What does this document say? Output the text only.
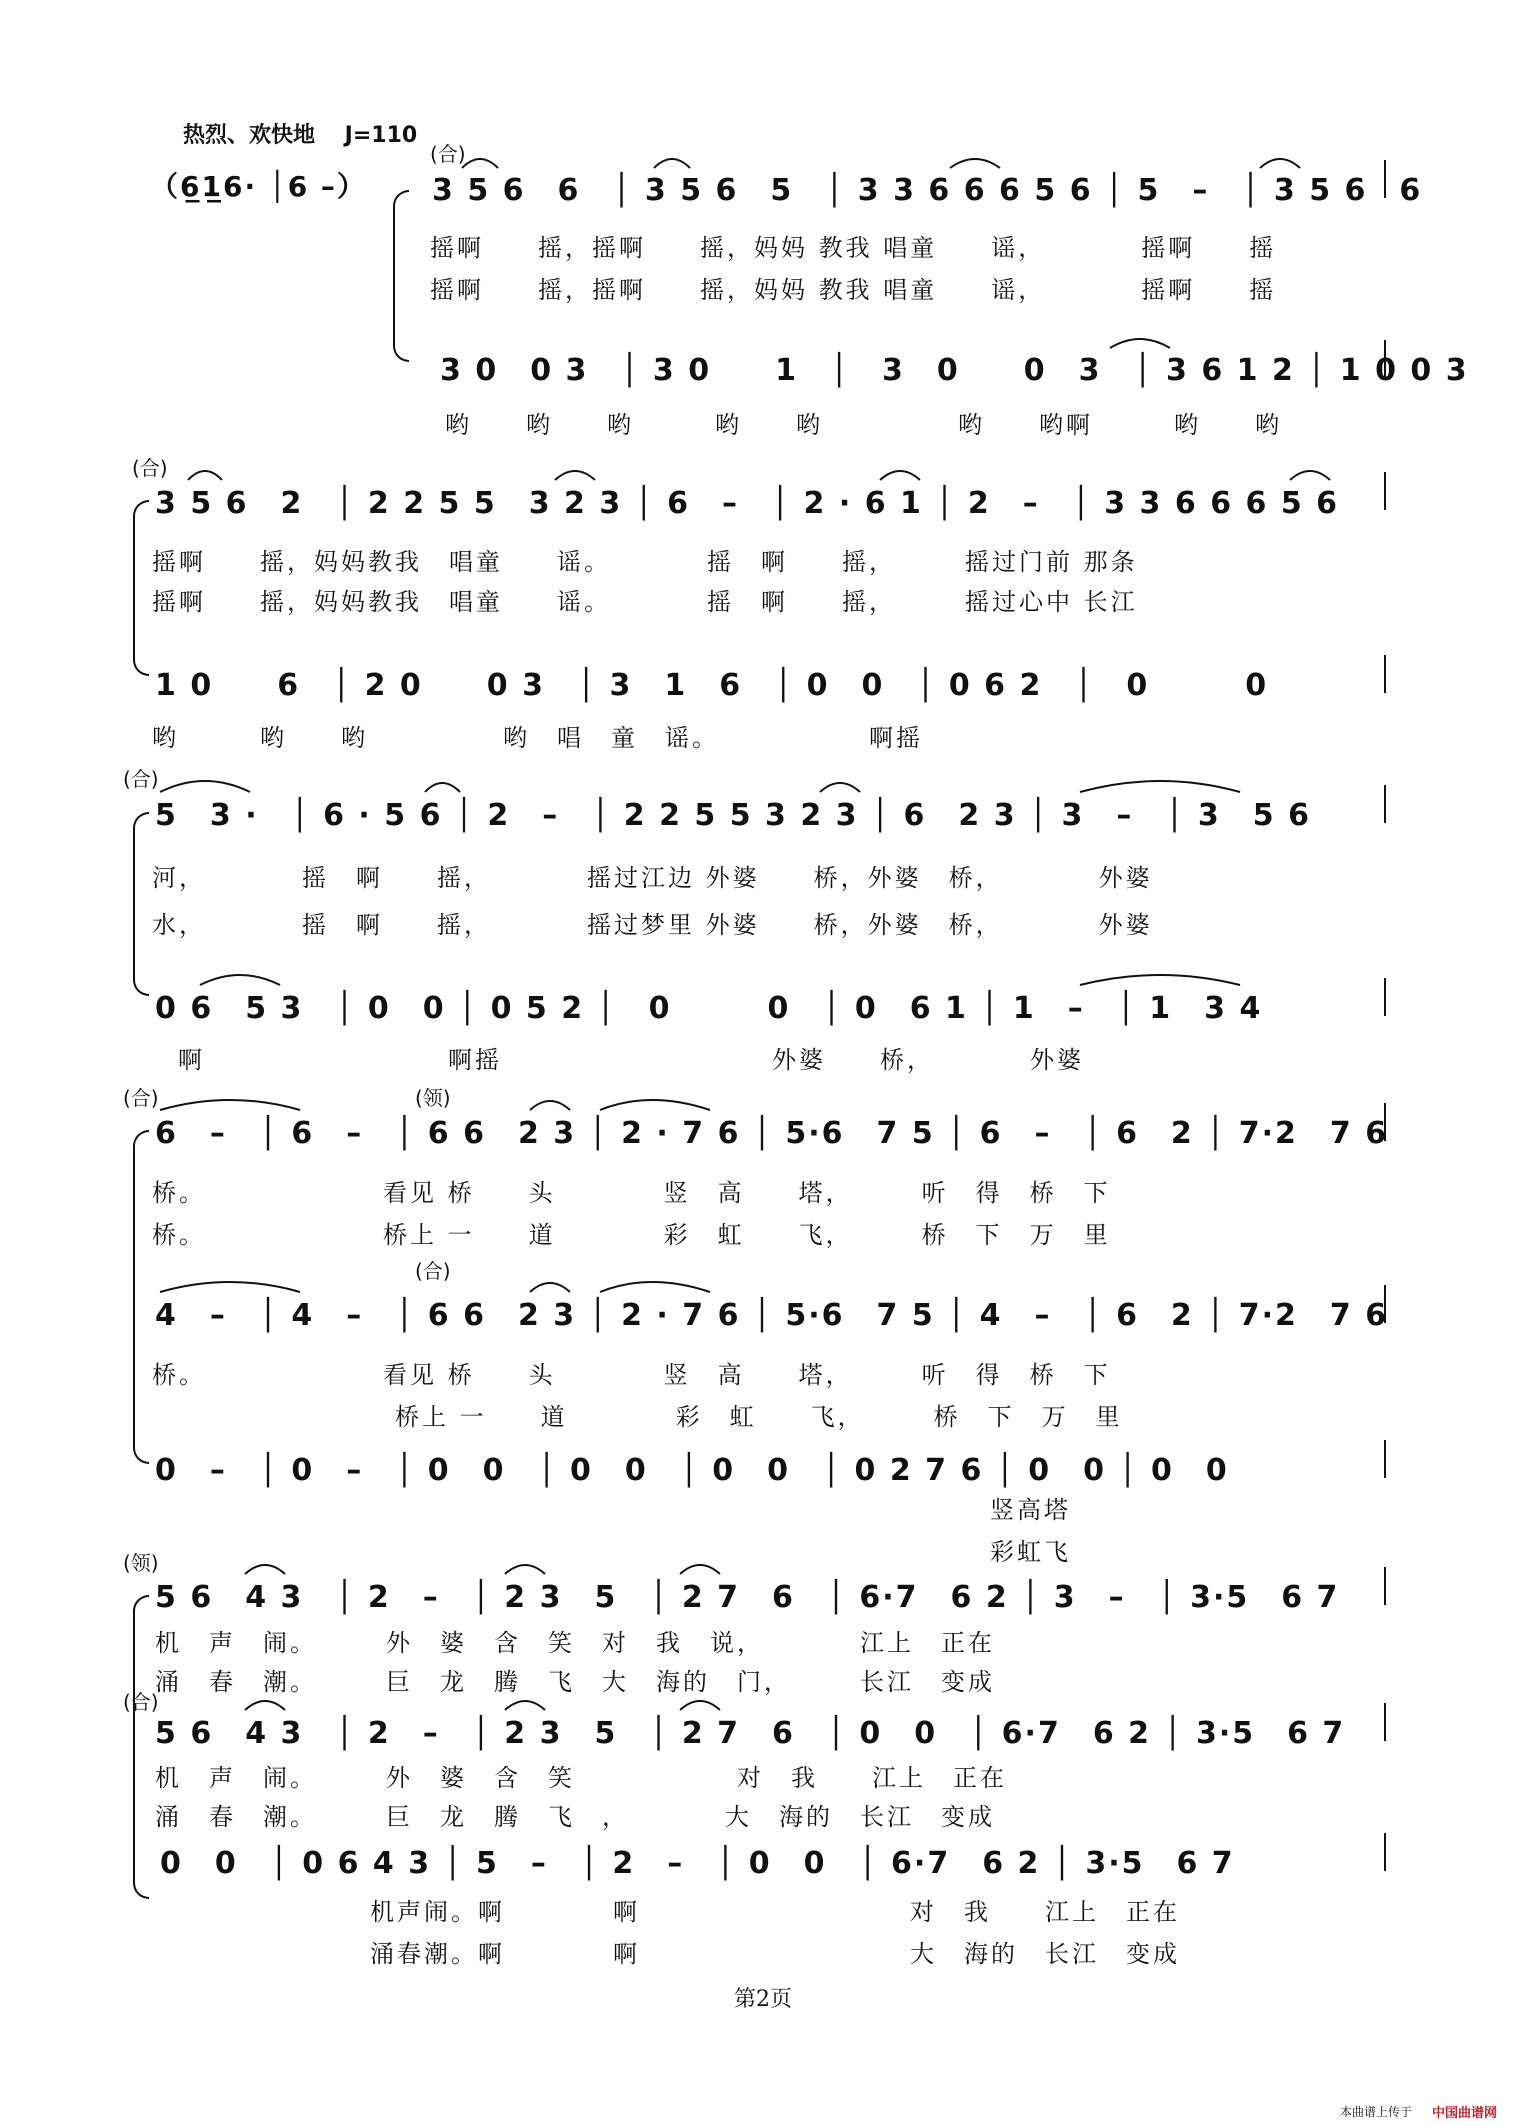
热烈、欢快地　 J=110
（6̲1̲6· │6 –）
(合)
3 5 6　6　│ 3 5 6　5　│ 3 3 6 6 6 5 6 │ 5　–　│ 3 5 6　6
摇啊　　摇，摇啊　　摇，妈妈 教我 唱童　　谣，　　　　摇啊　　摇
摇啊　　摇，摇啊　　摇，妈妈 教我 唱童　　谣，　　　　摇啊　　摇
3 0　0 3　│ 3 0　　1　│　3　0　　0　3　│ 3 6 1 2 │ 1 0 0 3
哟　　哟　　哟　　　哟　　哟　　　　　哟　　哟啊　　　哟　　哟
(合)
3 5 6　2　│ 2 2 5 5　3 2 3 │ 6　–　│ 2 · 6 1 │ 2　–　│ 3 3 6 6 6 5 6
摇啊　　摇，妈妈教我　唱童　　谣。　　　　摇　啊　　摇，　　　摇过门前 那条
摇啊　　摇，妈妈教我　唱童　　谣。　　　　摇　啊　　摇，　　　摇过心中 长江
1 0　　6　│ 2 0　　0 3　│ 3　1　6　│ 0　0　│ 0 6 2　│　0　　　0
哟　　　哟　　哟　　　　　哟　唱　童　谣。　　　　　　啊摇
(合)
5　3 ·　│ 6 · 5 6 │ 2　–　│ 2 2 5 5 3 2 3 │ 6　2 3 │ 3　–　│ 3　5 6
河，　　　　摇　啊　　摇，　　　　摇过江边 外婆　　桥，外婆　桥，　　　　外婆
水，　　　　摇　啊　　摇，　　　　摇过梦里 外婆　　桥，外婆　桥，　　　　外婆
0 6　5 3　│ 0　0 │ 0 5 2 │　0　　　0　│ 0　6 1 │ 1　–　│ 1　3 4
啊　　　　　　　　　啊摇　　　　　　　　　　外婆　　桥，　　　　外婆
(合)	(领)
(合)
6　–　│ 6　–　│ 6 6　2 3 │ 2 · 7 6 │ 5·6　7 5 │ 6　–　│ 6　2 │ 7·2　7 6
桥。　　　　　　　看见 桥　　头　　　　竖　高　　塔，　　　听　得　桥　下
桥。　　　　　　　桥上 一　　道　　　　彩　虹　　飞，　　　桥　下　万　里
4　–　│ 4　–　│ 6 6　2 3 │ 2 · 7 6 │ 5·6　7 5 │ 4　–　│ 6　2 │ 7·2　7 6
桥。　　　　　　　看见 桥　　头　　　　竖　高　　塔，　　　听　得　桥　下
　　　　　　　　　桥上 一　　道　　　　彩　虹　　飞，　　　桥　下　万　里
0　–　│ 0　–　│ 0　0　│ 0　0　│ 0　0　│ 0 2 7 6 │ 0　0 │ 0　0
竖高塔
彩虹飞
(领)
(合)
5 6　4 3　│ 2　–　│ 2 3　5　│ 2 7　6　│ 6·7　6 2 │ 3　–　│ 3·5　6 7
机　声　闹。　　　外　婆　含　笑　对　我　说，　　　　江上　正在
涌　春　潮。　　　巨　龙　腾　飞　大　海的　门，　　　长江　变成
5 6　4 3　│ 2　–　│ 2 3　5　│ 2 7　6　│ 0　0　│ 6·7　6 2 │ 3·5　6 7
机　声　闹。　　　外　婆　含　笑　　　　　　对　我　　江上　正在
涌　春　潮。　　　巨　龙　腾　飞　，　　　　大　海的　长江　变成
0　0　│ 0 6 4 3 │ 5　–　│ 2　–　│ 0　0　│ 6·7　6 2 │ 3·5　6 7
机声闹。啊　　　　啊　　　　　　　　　　对　我　　江上　正在
涌春潮。啊　　　　啊　　　　　　　　　　大　海的　长江　变成
第2页
本曲谱上传于 中国曲谱网
